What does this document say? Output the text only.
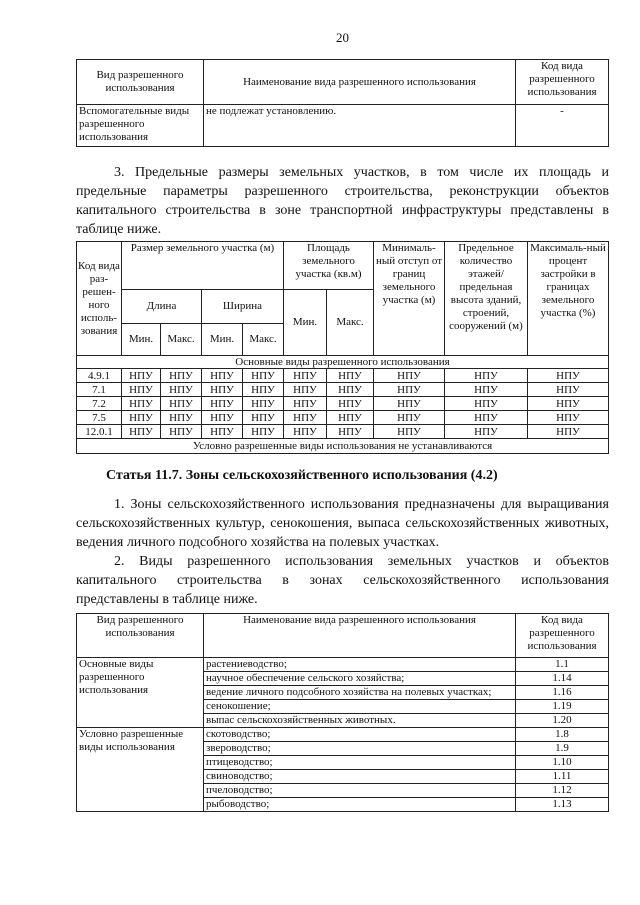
20
Вид разрешенного использования	Наименование вида разрешенного использования	Код вида разрешенного использования
Вспомогательные виды разрешенного использования	не подлежат установлению.	-
3. Предельные размеры земельных участков, в том числе их площадь и предельные параметры разрешенного строительства, реконструкции объектов капитального строительства в зоне транспортной инфраструктуры представлены в таблице ниже.
Код вида раз-решен-ного исполь-зования	Размер земельного участка (м)				Площадь земельного участка (кв.м)		Минималь-ный отступ от границ земельного участка (м)	Предельное количество этажей/ предельная высота зданий, строений, сооружений (м)	Максималь-ный процент застройки в границах земельного участка (%)
	Длина		Ширина		Мин.	Макс.			
	Мин.	Макс.	Мин.	Макс.					
Основные виды разрешенного использования									
4.9.1	НПУ	НПУ	НПУ	НПУ	НПУ	НПУ	НПУ	НПУ	НПУ
7.1	НПУ	НПУ	НПУ	НПУ	НПУ	НПУ	НПУ	НПУ	НПУ
7.2	НПУ	НПУ	НПУ	НПУ	НПУ	НПУ	НПУ	НПУ	НПУ
7.5	НПУ	НПУ	НПУ	НПУ	НПУ	НПУ	НПУ	НПУ	НПУ
12.0.1	НПУ	НПУ	НПУ	НПУ	НПУ	НПУ	НПУ	НПУ	НПУ
Условно разрешенные виды использования не устанавливаются									
Статья 11.7. Зоны сельскохозяйственного использования (4.2)
1. Зоны сельскохозяйственного использования предназначены для выращивания сельскохозяйственных культур, сенокошения, выпаса сельскохозяйственных животных, ведения личного подсобного хозяйства на полевых участках.
2. Виды разрешенного использования земельных участков и объектов капитального строительства в зонах сельскохозяйственного использования представлены в таблице ниже.
Вид разрешенного использования	Наименование вида разрешенного использования	Код вида разрешенного использования
Основные виды разрешенного использования	растениеводство;	1.1
	научное обеспечение сельского хозяйства;	1.14
	ведение личного подсобного хозяйства на полевых участках;	1.16
	сенокошение;	1.19
	выпас сельскохозяйственных животных.	1.20
Условно разрешенные виды использования	скотоводство;	1.8
	звероводство;	1.9
	птицеводство;	1.10
	свиноводство;	1.11
	пчеловодство;	1.12
	рыбоводство;	1.13
